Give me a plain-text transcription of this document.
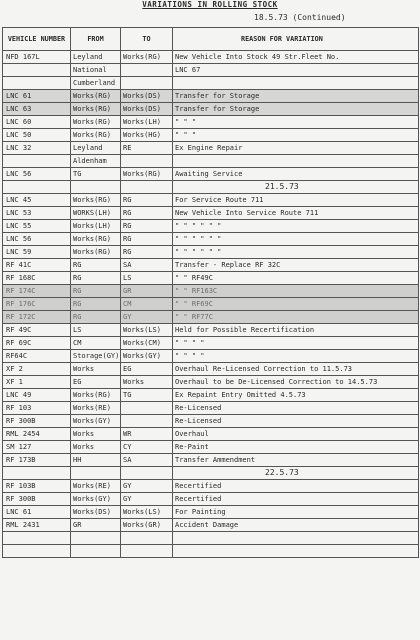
VARIATIONS IN ROLLING STOCK
18.5.73 (Continued)
VEHICLE NUMBER	FROM	TO	REASON FOR VARIATION
NFD 167L	Leyland	Works(RG)	New Vehicle Into Stock 49 Str.Fleet No.
	National		LNC 67
	Cumberland		
LNC 61	Works(RG)	Works(DS)	Transfer for Storage
LNC 63	Works(RG)	Works(DS)	Transfer for Storage
LNC 60	Works(RG)	Works(LH)	" " "
LNC 50	Works(RG)	Works(HG)	" " "
LNC 32	Leyland	RE	Ex Engine Repair
	Aldenham		
LNC 56	TG	Works(RG)	Awaiting Service
			21.5.73
LNC 45	Works(RG)	RG	For Service Route 711
LNC 53	WORKS(LH)	RG	New Vehicle Into Service Route 711
LNC 55	Works(LH)	RG	" " " " " "
LNC 56	Works(RG)	RG	" " " " " "
LNC 59	Works(RG)	RG	" " " " " "
RF 41C	RG	SA	Transfer - Replace RF 32C
RF 168C	RG	LS	" " RF49C
RF 174C	RG	GR	" " RF163C
RF 176C	RG	CM	" " RF69C
RF 172C	RG	GY	" " RF77C
RF 49C	LS	Works(LS)	Held for Possible Recertification
RF 69C	CM	Works(CM)	" " " "
RF64C	Storage(GY)	Works(GY)	" " " "
XF 2	Works	EG	Overhaul Re-Licensed Correction to 11.5.73
XF 1	EG	Works	Overhaul to be De-Licensed Correction to 14.5.73
LNC 49	Works(RG)	TG	Ex Repaint Entry Omitted 4.5.73
RF 103	Works(RE)		Re-Licensed
RF 300B	Works(GY)		Re-Licensed
RML 2454	Works	WR	Overhaul
SM 127	Works	CY	Re-Paint
RF 173B	HH	SA	Transfer Ammendment
			22.5.73
RF 103B	Works(RE)	GY	Recertified
RF 300B	Works(GY)	GY	Recertified
LNC 61	Works(DS)	Works(LS)	For Painting
RML 2431	GR	Works(GR)	Accident Damage
